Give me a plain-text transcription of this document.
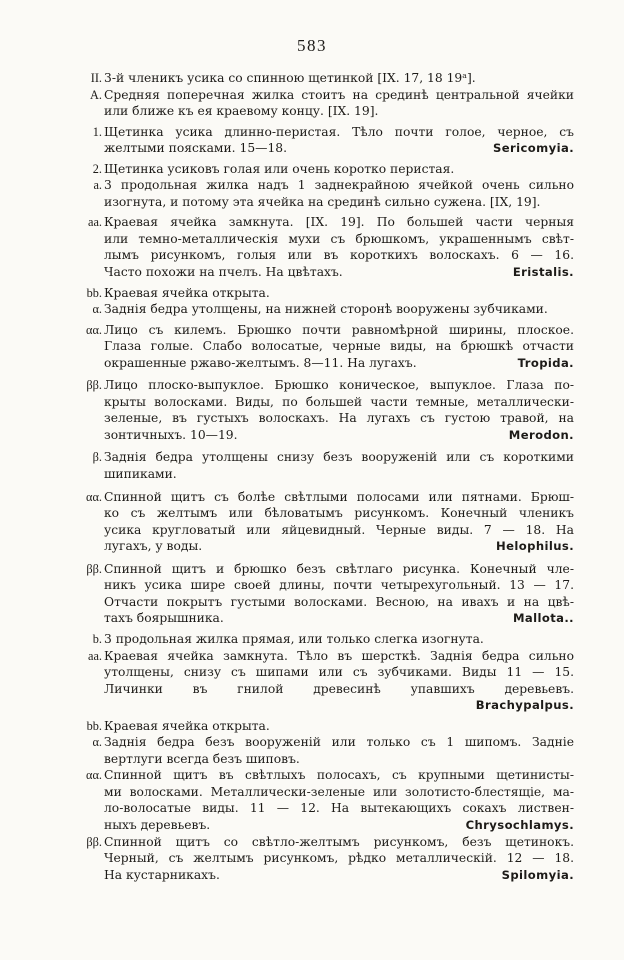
583
II. 3-й членикъ усика со спинною щетинкой [IX. 17, 18 19ᵃ].
A. Средняя поперечная жилка стоитъ на срединѣ центральной ячейки
или ближе къ ея краевому концу. [IX. 19].
1. Щетинка усика длинно-перистая. Тѣло почти голое, черное, съ
желтыми поясками. 15—18.	Sericomyia.
2. Щетинка усиковъ голая или очень коротко перистая.
a. 3 продольная жилка надъ 1 заднекрайною ячейкой очень сильно
изогнута, и потому эта ячейка на срединѣ сильно сужена. [IX, 19].
aa. Краевая ячейка замкнута. [IX. 19]. По большей части черныя
или темно-металлическія мухи съ брюшкомъ, украшеннымъ свѣт-
лымъ рисункомъ, голыя или въ короткихъ волоскахъ. 6 — 16.
Часто похожи на пчелъ. На цвѣтахъ.	Eristalis.
bb. Краевая ячейка открыта.
α. Заднія бедра утолщены, на нижней сторонѣ вооружены зубчиками.
αα. Лицо съ килемъ. Брюшко почти равномѣрной ширины, плоское.
Глаза голые. Слабо волосатые, черные виды, на брюшкѣ отчасти
окрашенные ржаво-желтымъ. 8—11. На лугахъ.	Tropida.
ββ. Лицо плоско-выпуклое. Брюшко коническое, выпуклое. Глаза по-
крыты волосками. Виды, по большей части темные, металлически-
зеленые, въ густыхъ волоскахъ. На лугахъ съ густою травой, на
зонтичныхъ. 10—19.	Merodon.
β. Заднія бедра утолщены снизу безъ вооруженій или съ короткими
шипиками.
αα. Спинной щитъ съ болѣе свѣтлыми полосами или пятнами. Брюш-
ко съ желтымъ или бѣловатымъ рисункомъ. Конечный членикъ
усика кругловатый или яйцевидный. Черные виды. 7 — 18. На
лугахъ, у воды.	Helophilus.
ββ. Спинной щитъ и брюшко безъ свѣтлаго рисунка. Конечный чле-
никъ усика шире своей длины, почти четырехугольный. 13 — 17.
Отчасти покрытъ густыми волосками. Весною, на ивахъ и на цвѣ-
тахъ боярышника.	Mallota..
b. 3 продольная жилка прямая, или только слегка изогнута.
aa. Краевая ячейка замкнута. Тѣло въ шерсткѣ. Заднія бедра сильно
утолщены, снизу съ шипами или съ зубчиками. Виды 11 — 15.
Личинки въ гнилой древесинѣ упавшихъ деревьевъ.
Brachypalpus.
bb. Краевая ячейка открыта.
α. Заднія бедра безъ вооруженій или только съ 1 шипомъ. Заднiе
вертлуги всегда безъ шиповъ.
αα. Спинной щитъ въ свѣтлыхъ полосахъ, съ крупными щетинисты-
ми волосками. Металлически-зеленые или золотисто-блестящіе, ма-
ло-волосатые виды. 11 — 12. На вытекающихъ сокахъ листвен-
ныхъ деревьевъ.	Chrysochlamys.
ββ. Спинной щитъ со свѣтло-желтымъ рисункомъ, безъ щетинокъ.
Черный, съ желтымъ рисункомъ, рѣдко металлическій. 12 — 18.
На кустарникахъ.	Spilomyia.
